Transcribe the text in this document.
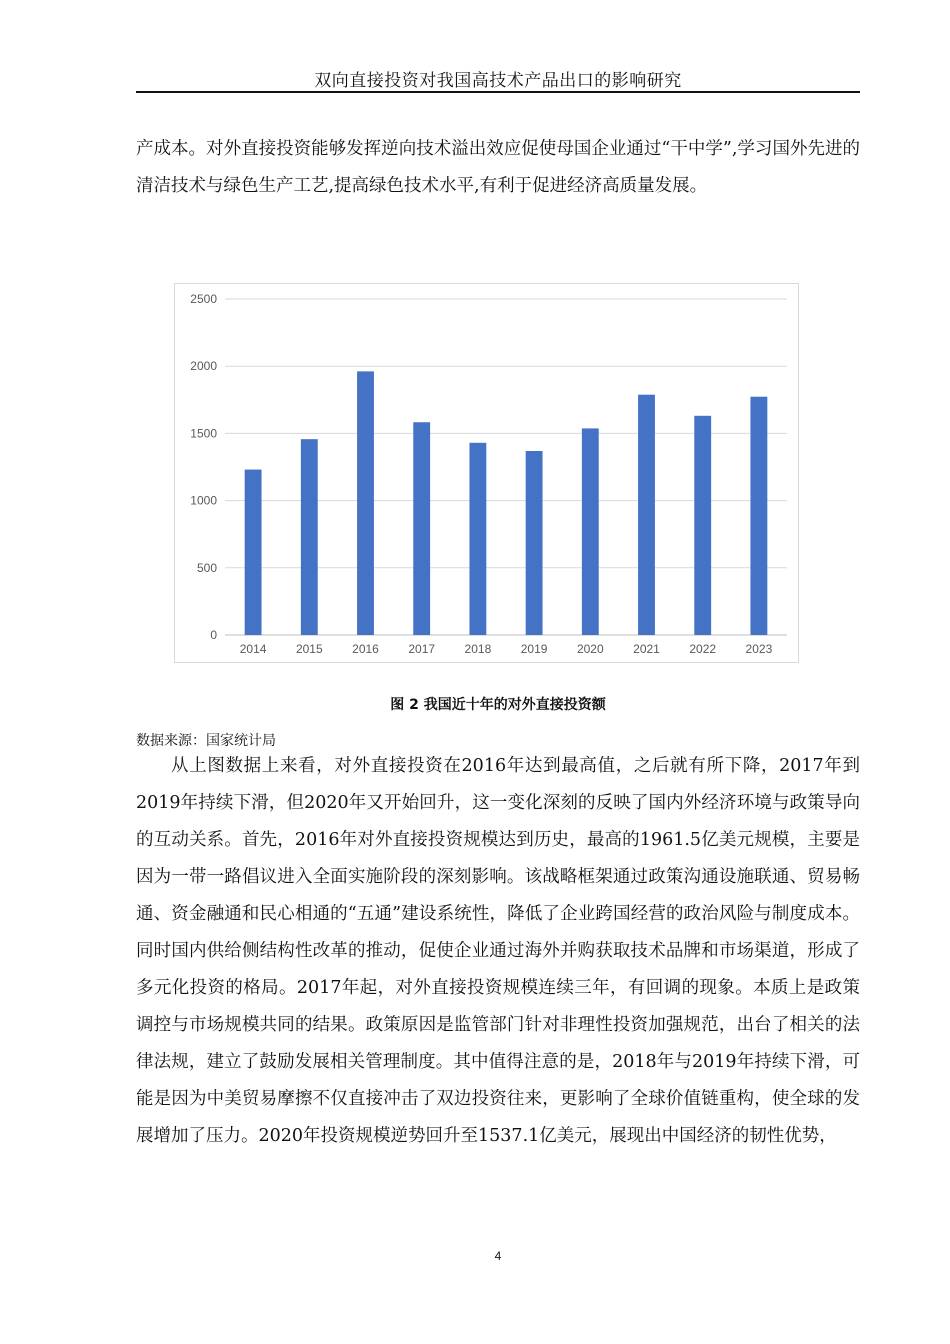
双向直接投资对我国高技术产品出口的影响研究

产成本。对外直接投资能够发挥逆向技术溢出效应促使母国企业通过“干中学”,学习国外先进的清洁技术与绿色生产工艺,提高绿色技术水平,有利于促进经济高质量发展。

0
500
1000
1500
2000
2500
2014 2015 2016 2017 2018 2019 2020 2021 2022 2023
图 2 我国近十年的对外直接投资额
数据来源：国家统计局

从上图数据上来看，对外直接投资在2016年达到最高值，之后就有所下降，2017年到2019年持续下滑，但2020年又开始回升，这一变化深刻的反映了国内外经济环境与政策导向的互动关系。首先，2016年对外直接投资规模达到历史，最高的1961.5亿美元规模，主要是因为一带一路倡议进入全面实施阶段的深刻影响。该战略框架通过政策沟通设施联通、贸易畅通、资金融通和民心相通的“五通”建设系统性，降低了企业跨国经营的政治风险与制度成本。同时国内供给侧结构性改革的推动，促使企业通过海外并购获取技术品牌和市场渠道，形成了多元化投资的格局。2017年起，对外直接投资规模连续三年，有回调的现象。本质上是政策调控与市场规模共同的结果。政策原因是监管部门针对非理性投资加强规范，出台了相关的法律法规，建立了鼓励发展相关管理制度。其中值得注意的是，2018年与2019年持续下滑，可能是因为中美贸易摩擦不仅直接冲击了双边投资往来，更影响了全球价值链重构，使全球的发展增加了压力。2020年投资规模逆势回升至1537.1亿美元，展现出中国经济的韧性优势，

4
